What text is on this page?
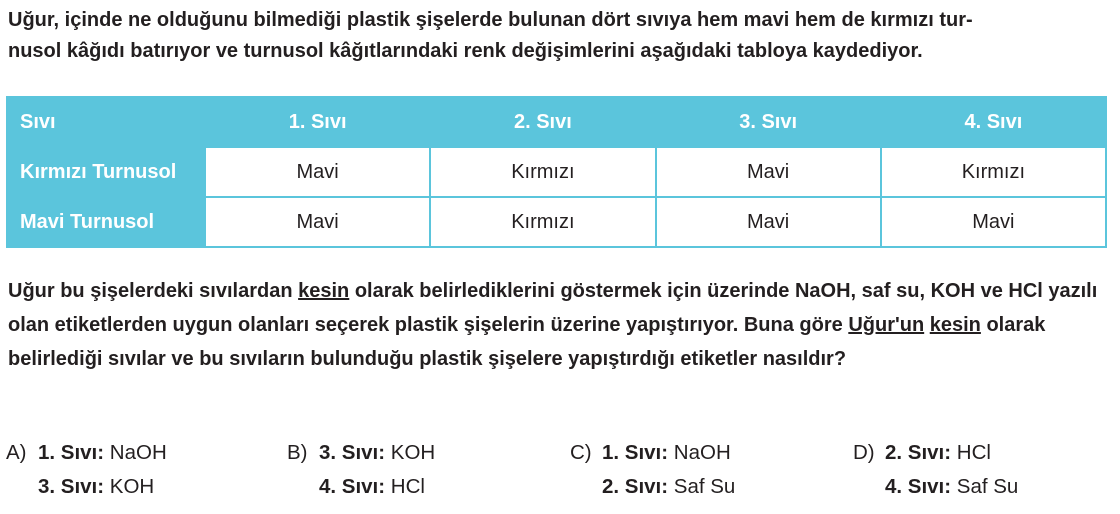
Uğur, içinde ne olduğunu bilmediği plastik şişelerde bulunan dört sıvıya hem mavi hem de kırmızı tur-
nusol kâğıdı batırıyor ve turnusol kâğıtlarındaki renk değişimlerini aşağıdaki tabloya kaydediyor.

Sıvı	1. Sıvı	2. Sıvı	3. Sıvı	4. Sıvı
Kırmızı Turnusol	Mavi	Kırmızı	Mavi	Kırmızı
Mavi Turnusol	Mavi	Kırmızı	Mavi	Mavi

Uğur bu şişelerdeki sıvılardan kesin olarak belirlediklerini göstermek için üzerinde NaOH, saf su, KOH ve HCl yazılı olan etiketlerden uygun olanları seçerek plastik şişelerin üzerine yapıştırıyor. Buna göre Uğur'un kesin olarak belirlediği sıvılar ve bu sıvıların bulunduğu plastik şişelere yapıştırdığı etiketler nasıldır?

A) 1. Sıvı: NaOH
3. Sıvı: KOH
B) 3. Sıvı: KOH
4. Sıvı: HCl
C) 1. Sıvı: NaOH
2. Sıvı: Saf Su
D) 2. Sıvı: HCl
4. Sıvı: Saf Su
